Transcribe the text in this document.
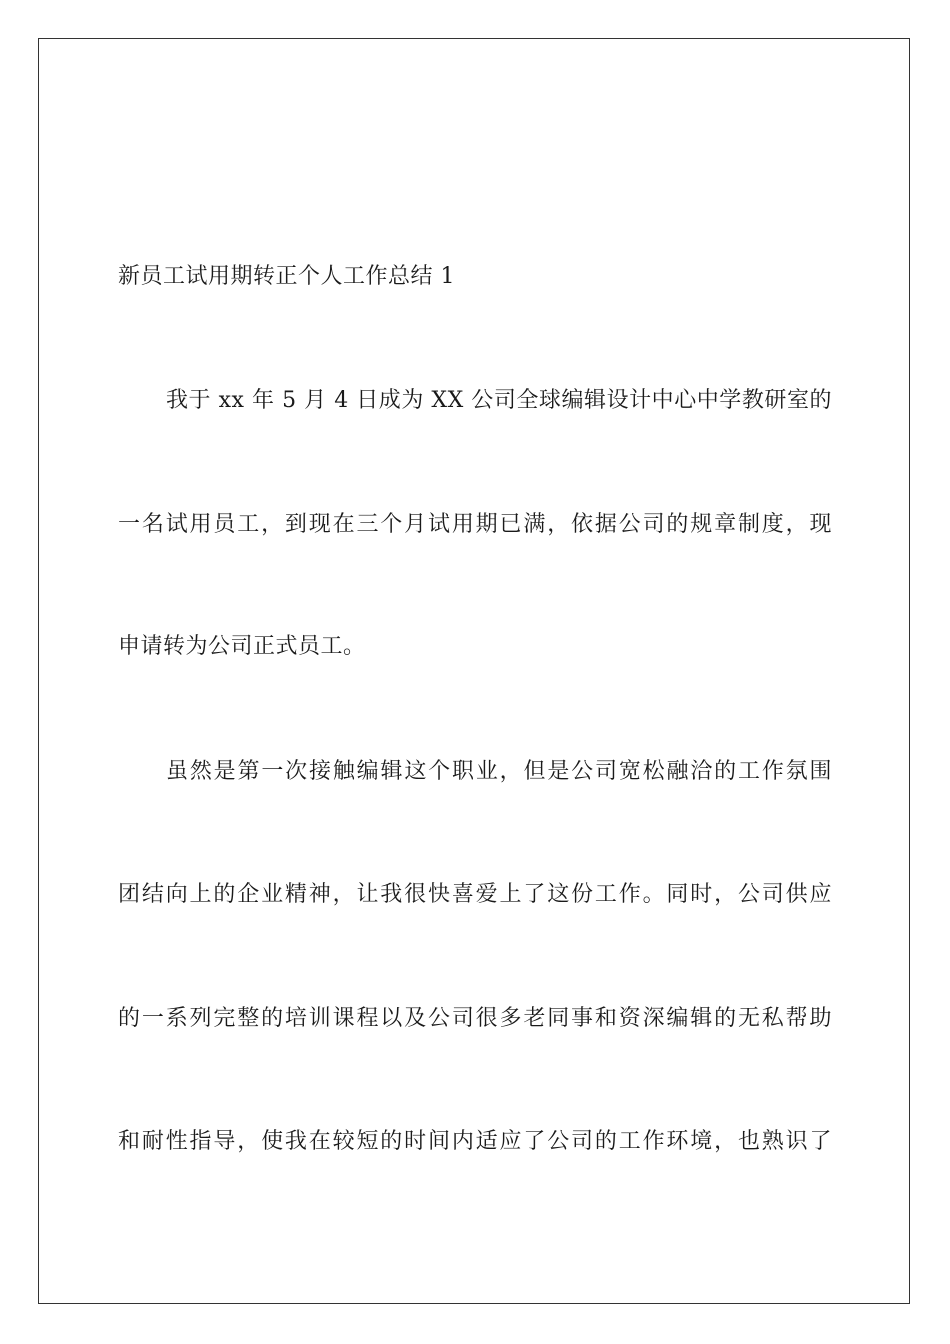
新员工试用期转正个人工作总结 1
我于 xx 年 5 月 4 日成为 XX 公司全球编辑设计中心中学教研室的
一名试用员工，到现在三个月试用期已满，依据公司的规章制度，现
申请转为公司正式员工。
虽然是第一次接触编辑这个职业，但是公司宽松融洽的工作氛围
团结向上的企业精神，让我很快喜爱上了这份工作。同时，公司供应
的一系列完整的培训课程以及公司很多老同事和资深编辑的无私帮助
和耐性指导，使我在较短的时间内适应了公司的工作环境，也熟识了
